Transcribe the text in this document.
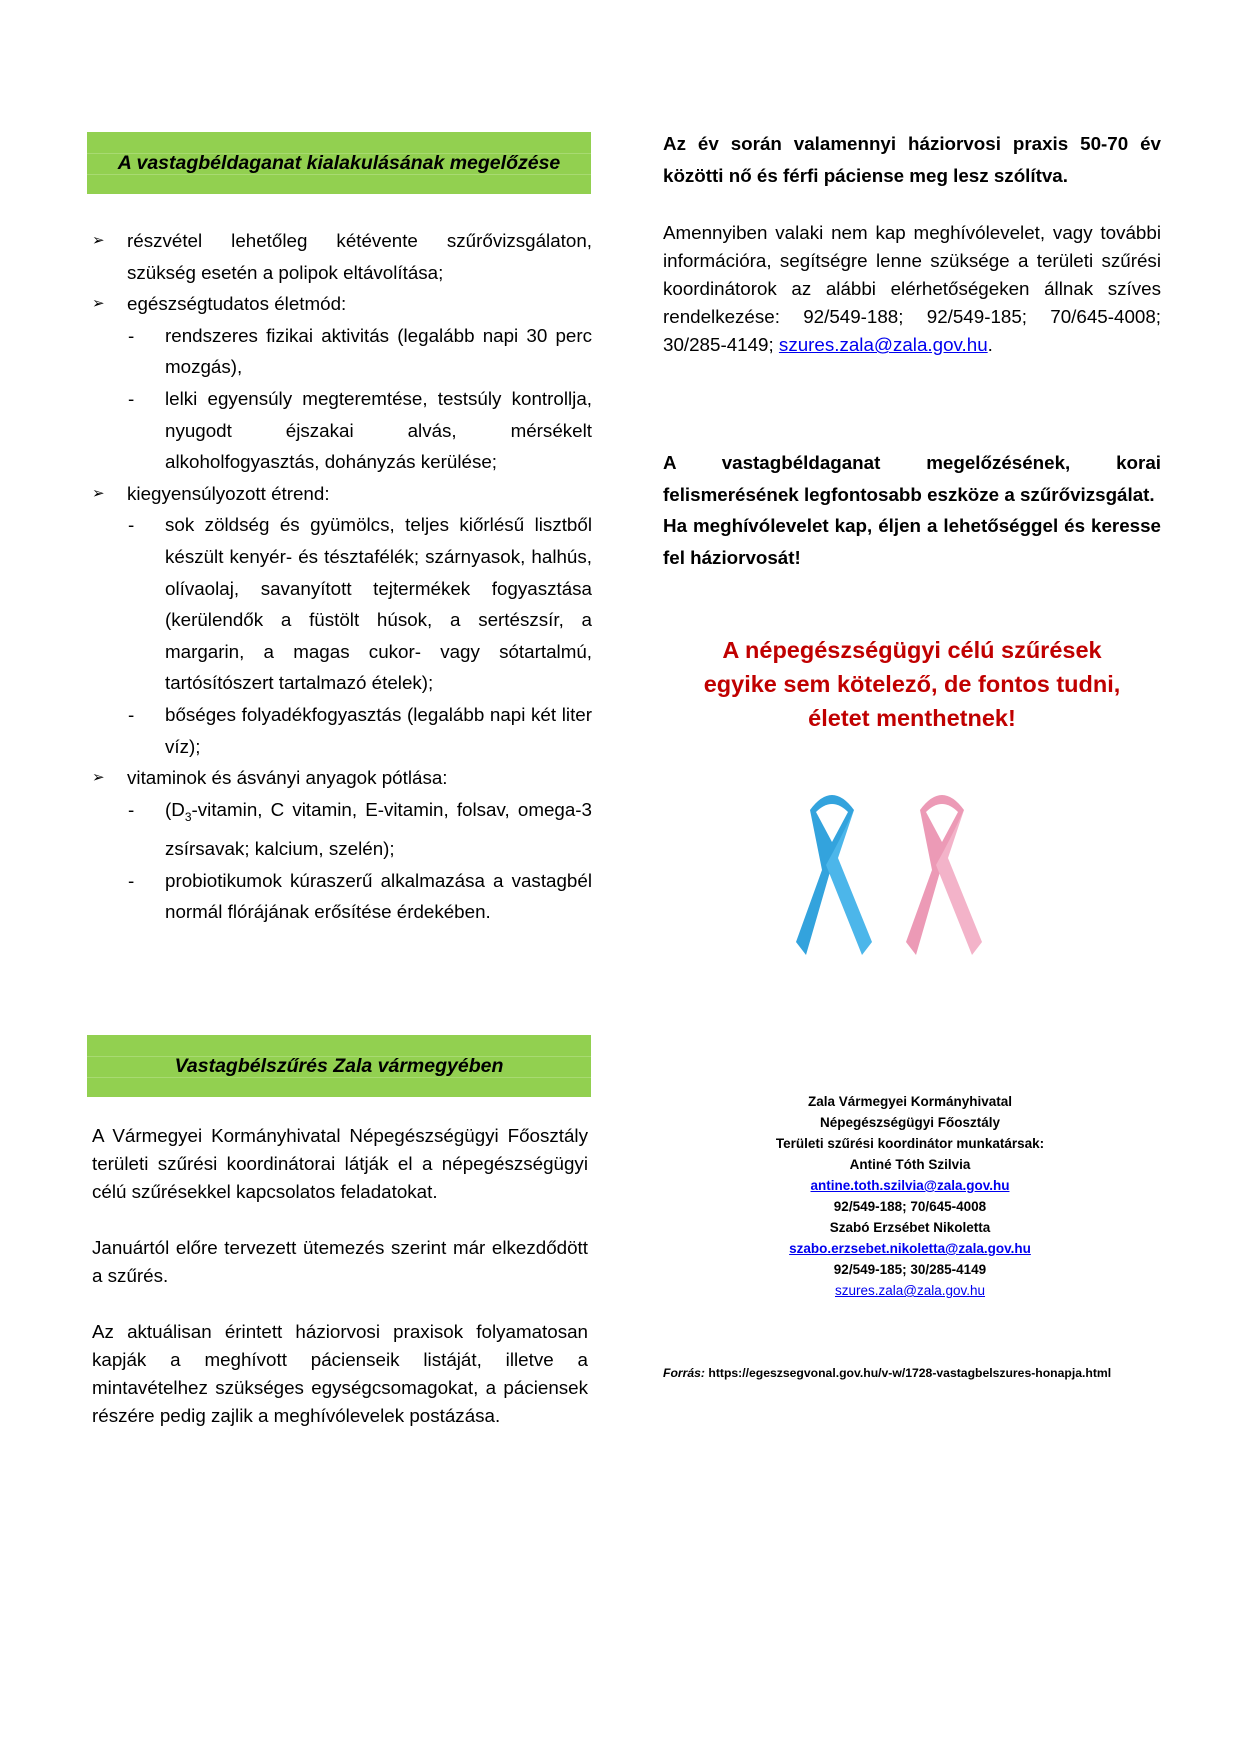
A vastagbéldaganat kialakulásának megelőzése
➢	részvétel lehetőleg kétévente szűrővizsgálaton, szükség esetén a polipok eltávolítása;
➢	egészségtudatos életmód:
- rendszeres fizikai aktivitás (legalább napi 30 perc mozgás),
- lelki egyensúly megteremtése, testsúly kontrollja, nyugodt éjszakai alvás, mérsékelt alkoholfogyasztás, dohányzás kerülése;
➢	kiegyensúlyozott étrend:
- sok zöldség és gyümölcs, teljes kiőrlésű lisztből készült kenyér- és tésztafélék; szárnyasok, halhús, olívaolaj, savanyított tejtermékek fogyasztása (kerülendők a füstölt húsok, a sertészsír, a margarin, a magas cukor- vagy sótartalmú, tartósítószert tartalmazó ételek);
- bőséges folyadékfogyasztás (legalább napi két liter víz);
➢	vitaminok és ásványi anyagok pótlása:
- ($D_3$-vitamin, C vitamin, E-vitamin, folsav, omega-3 zsírsavak; kalcium, szelén);
- probiotikumok kúraszerű alkalmazása a vastagbél normál flórájának erősítése érdekében.
Vastagbélszűrés Zala vármegyében

A Vármegyei Kormányhivatal Népegészségügyi Főosztály területi szűrési koordinátorai látják el a népegészségügyi célú szűrésekkel kapcsolatos feladatokat.

Januártól előre tervezett ütemezés szerint már elkezdődött a szűrés.

Az aktuálisan érintett háziorvosi praxisok folyamatosan kapják a meghívott pácienseik listáját, illetve a mintavételhez szükséges egységcsomagokat, a páciensek részére pedig zajlik a meghívólevelek postázása.

Az év során valamennyi háziorvosi praxis 50-70 év közötti nő és férfi páciense meg lesz szólítva.

Amennyiben valaki nem kap meghívólevelet, vagy további információra, segítségre lenne szüksége a területi szűrési koordinátorok az alábbi elérhetőségeken állnak szíves rendelkezése: 92/549-188; 92/549-185; 70/645-4008; 30/285-4149; szures.zala@zala.gov.hu.

A vastagbéldaganat megelőzésének, korai felismerésének legfontosabb eszköze a szűrővizsgálat.

Ha meghívólevelet kap, éljen a lehetőséggel és keresse fel háziorvosát!

A népegészségügyi célú szűrések
egyike sem kötelező, de fontos tudni,
életet menthetnek!
Zala Vármegyei Kormányhivatal
Népegészségügyi Főosztály
Területi szűrési koordinátor munkatársak:
Antiné Tóth Szilvia
antine.toth.szilvia@zala.gov.hu
92/549-188; 70/645-4008
Szabó Erzsébet Nikoletta
szabo.erzsebet.nikoletta@zala.gov.hu
92/549-185; 30/285-4149
szures.zala@zala.gov.hu
Forrás: https://egeszsegvonal.gov.hu/v-w/1728-vastagbelszures-honapja.html
